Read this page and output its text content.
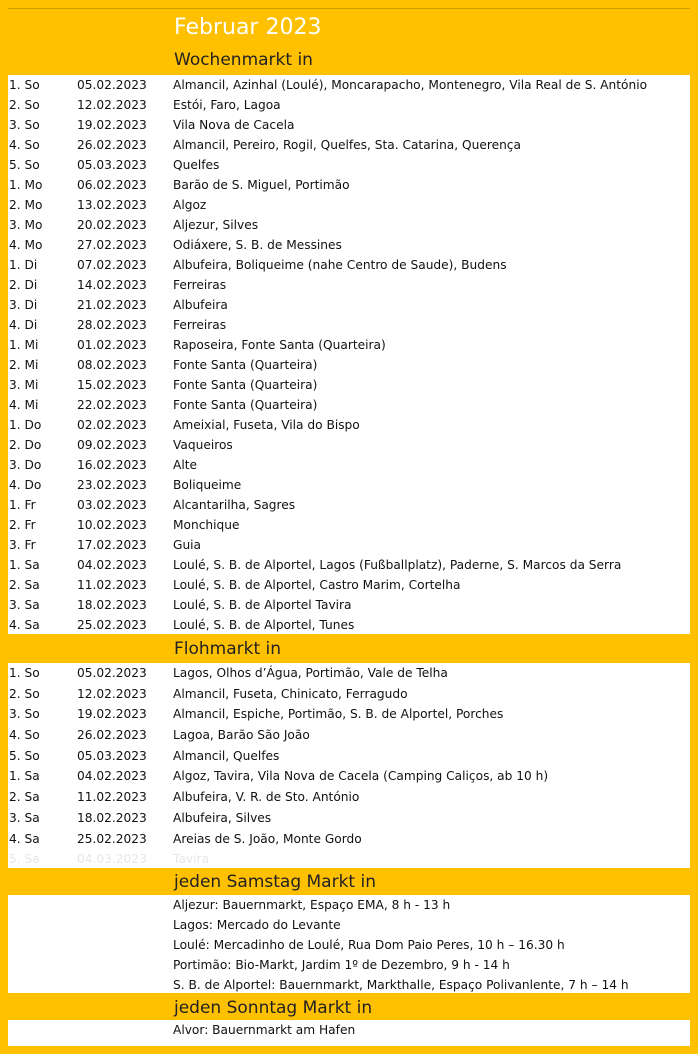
Februar 2023
Wochenmarkt in
1. So	05.02.2023 Almancil, Azinhal (Loulé), Moncarapacho, Montenegro, Vila Real de S. António
2. So	12.02.2023 Estói, Faro, Lagoa
3. So	19.02.2023 Vila Nova de Cacela
4. So	26.02.2023 Almancil, Pereiro, Rogil, Quelfes, Sta. Catarina, Querença
5. So	05.03.2023 Quelfes
1. Mo	06.02.2023 Barão de S. Miguel, Portimão
2. Mo	13.02.2023 Algoz
3. Mo	20.02.2023 Aljezur, Silves
4. Mo	27.02.2023 Odiáxere, S. B. de Messines
1. Di	07.02.2023 Albufeira, Boliqueime (nahe Centro de Saude), Budens
2. Di	14.02.2023 Ferreiras
3. Di	21.02.2023 Albufeira
4. Di	28.02.2023 Ferreiras
1. Mi	01.02.2023 Raposeira, Fonte Santa (Quarteira)
2. Mi	08.02.2023 Fonte Santa (Quarteira)
3. Mi	15.02.2023 Fonte Santa (Quarteira)
4. Mi	22.02.2023 Fonte Santa (Quarteira)
1. Do	02.02.2023 Ameixial, Fuseta, Vila do Bispo
2. Do	09.02.2023 Vaqueiros
3. Do	16.02.2023 Alte
4. Do	23.02.2023 Boliqueime
1. Fr	03.02.2023 Alcantarilha, Sagres
2. Fr	10.02.2023 Monchique
3. Fr	17.02.2023 Guia
1. Sa	04.02.2023 Loulé, S. B. de Alportel, Lagos (Fußballplatz), Paderne, S. Marcos da Serra
2. Sa	11.02.2023 Loulé, S. B. de Alportel, Castro Marim, Cortelha
3. Sa	18.02.2023 Loulé, S. B. de Alportel Tavira
4. Sa	25.02.2023 Loulé, S. B. de Alportel, Tunes
Flohmarkt in
1. So	05.02.2023 Lagos, Olhos d’Água, Portimão, Vale de Telha
2. So	12.02.2023 Almancil, Fuseta, Chinicato, Ferragudo
3. So	19.02.2023 Almancil, Espiche, Portimão, S. B. de Alportel, Porches
4. So	26.02.2023 Lagoa, Barão São João
5. So	05.03.2023 Almancil, Quelfes
1. Sa	04.02.2023 Algoz, Tavira, Vila Nova de Cacela (Camping Caliços, ab 10 h)
2. Sa	11.02.2023 Albufeira, V. R. de Sto. António
3. Sa	18.02.2023 Albufeira, Silves
4. Sa	25.02.2023 Areias de S. João, Monte Gordo
5. Sa	04.03.2023 Tavira
jeden Samstag Markt in
Aljezur: Bauernmarkt, Espaço EMA, 8 h - 13 h
Lagos: Mercado do Levante
Loulé: Mercadinho de Loulé, Rua Dom Paio Peres, 10 h – 16.30 h
Portimão: Bio-Markt, Jardim 1º de Dezembro, 9 h - 14 h
S. B. de Alportel: Bauernmarkt, Markthalle, Espaço Polivanlente, 7 h – 14 h
jeden Sonntag Markt in
Alvor: Bauernmarkt am Hafen
